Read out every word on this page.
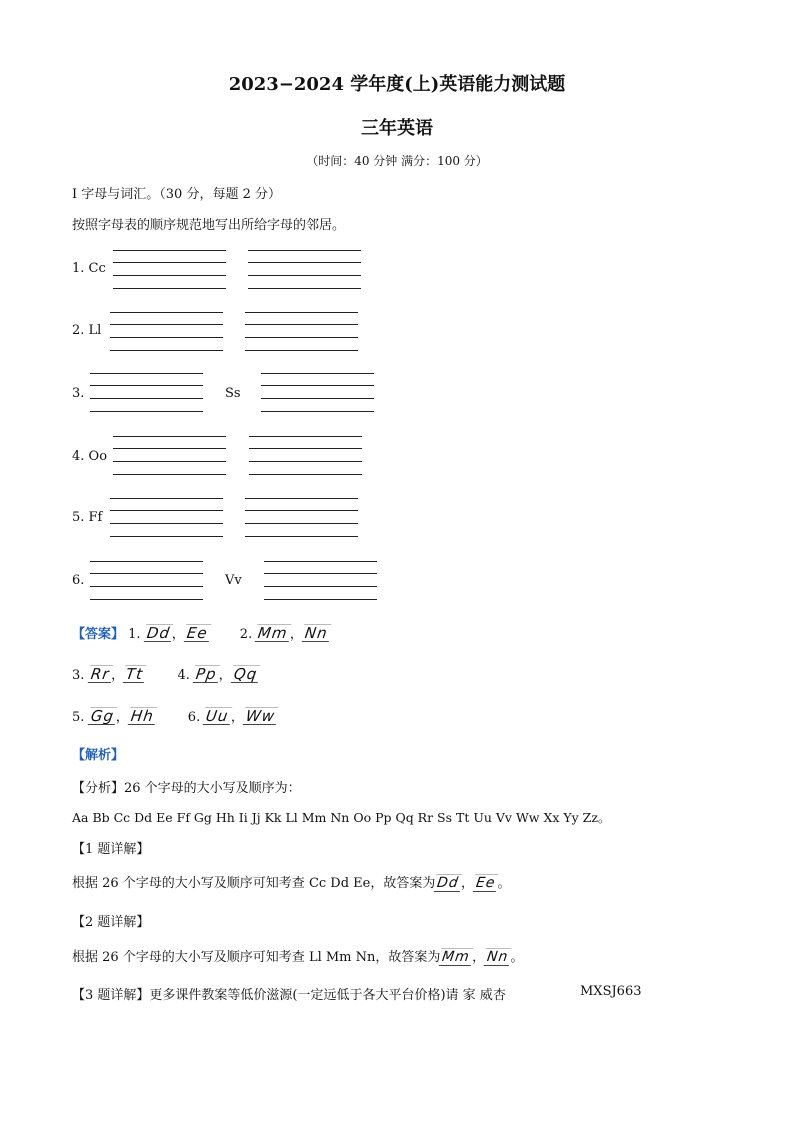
2023−2024 学年度(上)英语能力测试题
三年英语
（时间：40 分钟 满分：100 分）
I 字母与词汇。（30 分，每题 2 分）
按照字母表的顺序规范地写出所给字母的邻居。
1. Cc
2. Ll
3.	Ss
4. Oo
5. Ff
6.	Vv
【答案】 1. Dd，Ee 2. Mm，Nn
3. Rr，Tt	4. Pp，Qq
5. Gg，Hh	6. Uu，Ww
【解析】
【分析】26 个字母的大小写及顺序为：
Aa Bb Cc Dd Ee Ff Gg Hh Ii Jj Kk Ll Mm Nn Oo Pp Qq Rr Ss Tt Uu Vv Ww Xx Yy Zz。
【1 题详解】
根据 26 个字母的大小写及顺序可知考查 Cc Dd Ee，故答案为Dd，Ee。
【2 题详解】
根据 26 个字母的大小写及顺序可知考查 Ll Mm Nn，故答案为Mm，Nn。
【3 题详解】更多课件教案等低价滋源(一定远低于各大平台价格)请 家 威杏	MXSJ663
